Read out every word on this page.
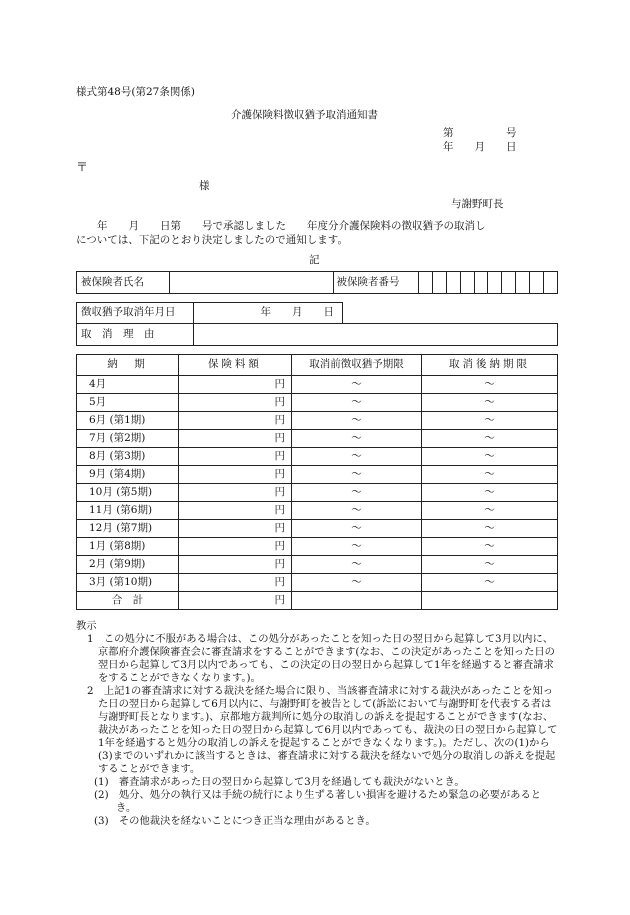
様式第48号(第27条関係)
介護保険料徴収猶予取消通知書
第　　　　　号
年　　月　　日
〒
様
与謝野町長
　　年　　月　　日第　　号で承認しました　　年度分介護保険料の徴収猶予の取消し
については、下記のとおり決定しましたので通知します。
記
被保険者氏名		被保険者番号										
徴収猶予取消年月日	年　　月　　日	
取　消　理　由		
納　期	保険料額	取消前徴収猶予期限	取消後納期限
4月	円	～	～
5月	円	～	～
6月 (第1期)	円	～	～
7月 (第2期)	円	～	～
8月 (第3期)	円	～	～
9月 (第4期)	円	～	～
10月 (第5期)	円	～	～
11月 (第6期)	円	～	～
12月 (第7期)	円	～	～
1月 (第8期)	円	～	～
2月 (第9期)	円	～	～
3月 (第10期)	円	～	～
合　計	円		

教示

1　この処分に不服がある場合は、この処分があったことを知った日の翌日から起算して3月以内に、京都府介護保険審査会に審査請求をすることができます(なお、この決定があったことを知った日の翌日から起算して3月以内であっても、この決定の日の翌日から起算して1年を経過すると審査請求をすることができなくなります。)。

2　上記1の審査請求に対する裁決を経た場合に限り、当該審査請求に対する裁決があったことを知った日の翌日から起算して6月以内に、与謝野町を被告として(訴訟において与謝野町を代表する者は与謝野町長となります。)、京都地方裁判所に処分の取消しの訴えを提起することができます(なお、裁決があったことを知った日の翌日から起算して6月以内であっても、裁決の日の翌日から起算して1年を経過すると処分の取消しの訴えを提起することができなくなります。)。ただし、次の(1)から(3)までのいずれかに該当するときは、審査請求に対する裁決を経ないで処分の取消しの訴えを提起することができます。

(1)　審査請求があった日の翌日から起算して3月を経過しても裁決がないとき。

(2)　処分、処分の執行又は手続の続行により生ずる著しい損害を避けるため緊急の必要があるとき。

(3)　その他裁決を経ないことにつき正当な理由があるとき。
